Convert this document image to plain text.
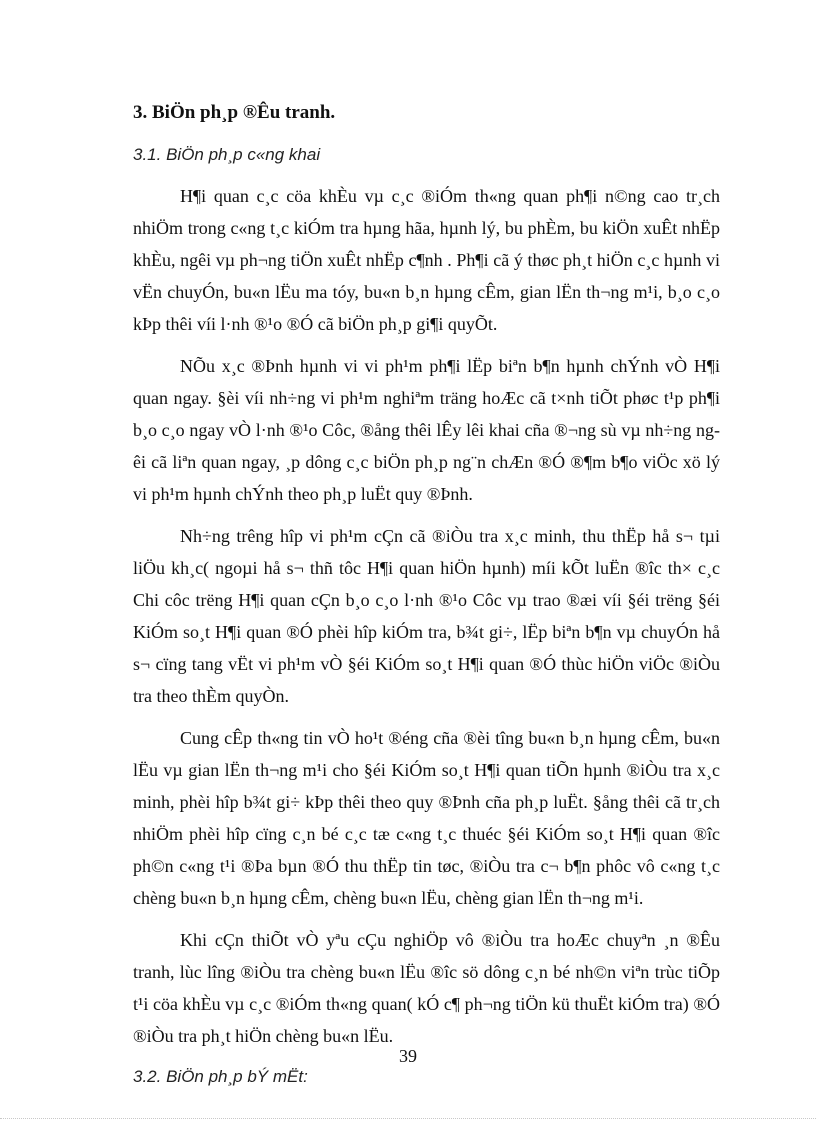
3. BiÖn ph¸p ®Êu tranh.
3.1. BiÖn ph¸p c«ng khai

H¶i quan c¸c cöa khÈu vµ c¸c ®iÓm th«ng quan ph¶i n©ng cao tr¸ch nhiÖm trong c«ng t¸c kiÓm tra hµng hãa, hµnh lý, bu phÈm, bu kiÖn xuÊt nhËp khÈu, ngêi vµ ph¬ng tiÖn xuÊt nhËp c¶nh . Ph¶i cã ý thøc ph¸t hiÖn c¸c hµnh vi vËn chuyÓn, bu«n lËu ma tóy, bu«n b¸n hµng cÊm, gian lËn th¬ng m¹i, b¸o c¸o kÞp thêi víi l·nh ®¹o ®Ó cã biÖn ph¸p gi¶i quyÕt.

NÕu x¸c ®Þnh hµnh vi vi ph¹m ph¶i lËp biªn b¶n hµnh chÝnh vÒ H¶i quan ngay. §èi víi nh÷ng vi ph¹m nghiªm träng hoÆc cã t×nh tiÕt phøc t¹p ph¶i b¸o c¸o ngay vÒ l·nh ®¹o Côc, ®ång thêi lÊy lêi khai cña ®¬ng sù vµ nh÷ng ngêi cã liªn quan ngay, ¸p dông c¸c biÖn ph¸p ng¨n chÆn ®Ó ®¶m b¶o viÖc xö lý vi ph¹m hµnh chÝnh theo ph¸p luËt quy ®Þnh.

Nh÷ng trêng hîp vi ph¹m cÇn cã ®iÒu tra x¸c minh, thu thËp hå s¬ tµi liÖu kh¸c( ngoµi hå s¬ thñ tôc H¶i quan hiÖn hµnh) míi kÕt luËn ®îc th× c¸c Chi côc trëng H¶i quan cÇn b¸o c¸o l·nh ®¹o Côc vµ trao ®æi víi §éi trëng §éi KiÓm so¸t H¶i quan ®Ó phèi hîp kiÓm tra, b¾t gi÷, lËp biªn b¶n vµ chuyÓn hå s¬ cïng tang vËt vi ph¹m vÒ §éi KiÓm so¸t H¶i quan ®Ó thùc hiÖn viÖc ®iÒu tra theo thÈm quyÒn.

Cung cÊp th«ng tin vÒ ho¹t ®éng cña ®èi tîng bu«n b¸n hµng cÊm, bu«n lËu vµ gian lËn th¬ng m¹i cho §éi KiÓm so¸t H¶i quan tiÕn hµnh ®iÒu tra x¸c minh, phèi hîp b¾t gi÷ kÞp thêi theo quy ®Þnh cña ph¸p luËt. §ång thêi cã tr¸ch nhiÖm phèi hîp cïng c¸n bé c¸c tæ c«ng t¸c thuéc §éi KiÓm so¸t H¶i quan ®îc ph©n c«ng t¹i ®Þa bµn ®Ó thu thËp tin tøc, ®iÒu tra c¬ b¶n phôc vô c«ng t¸c chèng bu«n b¸n hµng cÊm, chèng bu«n lËu, chèng gian lËn th¬ng m¹i.

Khi cÇn thiÕt vÒ yªu cÇu nghiÖp vô ®iÒu tra hoÆc chuyªn ¸n ®Êu tranh, lùc lîng ®iÒu tra chèng bu«n lËu ®îc sö dông c¸n bé nh©n viªn trùc tiÕp t¹i cöa khÈu vµ c¸c ®iÓm th«ng quan( kÓ c¶ ph¬ng tiÖn kü thuËt kiÓm tra) ®Ó ®iÒu tra ph¸t hiÖn chèng bu«n lËu.

3.2. BiÖn ph¸p bÝ mËt:
39
